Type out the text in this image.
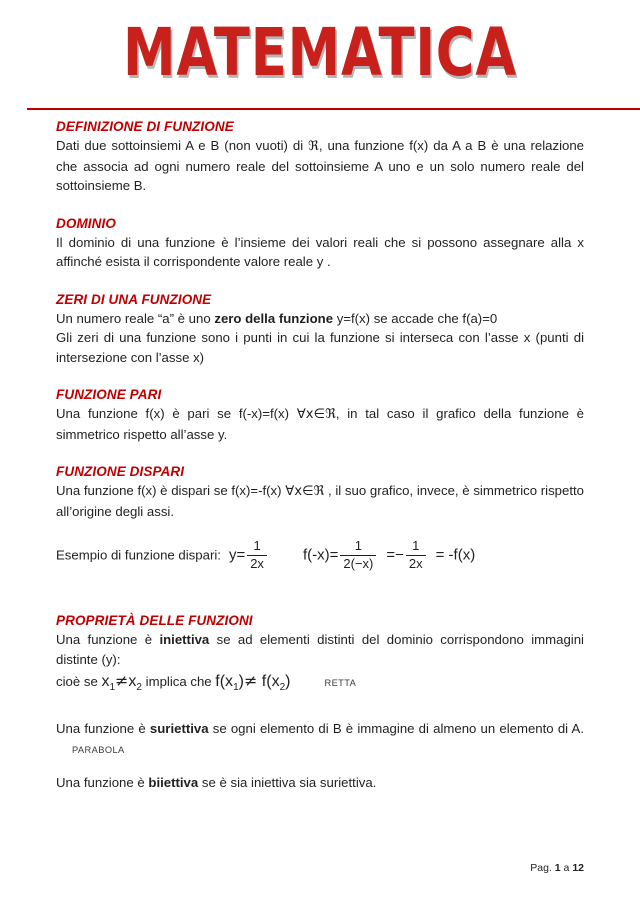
MATEMATICA
DEFINIZIONE DI FUNZIONE

Dati due sottoinsiemi A e B (non vuoti) di ℜ, una funzione f(x) da A a B è una relazione che associa ad ogni numero reale del sottoinsieme A uno e un solo numero reale del sottoinsieme B.

DOMINIO

Il dominio di una funzione è l’insieme dei valori reali che si possono assegnare alla x affinché esista il corrispondente valore reale y .

ZERI DI UNA FUNZIONE

Un numero reale “a” è uno zero della funzione y=f(x) se accade che f(a)=0

Gli zeri di una funzione sono i punti in cui la funzione si interseca con l’asse x (punti di intersezione con l’asse x)

FUNZIONE PARI

Una funzione f(x) è pari se f(-x)=f(x) ∀x∈ℜ, in tal caso il grafico della funzione è simmetrico rispetto all’asse y.

FUNZIONE DISPARI

Una funzione f(x) è dispari se f(x)=-f(x) ∀x∈ℜ , il suo grafico, invece, è simmetrico rispetto all’origine degli assi.

Esempio di funzione dispari: $y= \frac{1}{2x} f(-x)= \frac{1}{2(-x)} =- \frac{1}{2x} = -f(x)$
PROPRIETÀ DELLE FUNZIONI

Una funzione è iniettiva se ad elementi distinti del dominio corrispondono immagini distinte (y):

cioè se $x_1\ne x_2$ implica che $f(x_1)\ne f(x_2)$	RETTA

Una funzione è suriettiva se ogni elemento di B è immagine di almeno un elemento di A.PARABOLA

Una funzione è biiettiva se è sia iniettiva sia suriettiva.

Pag. 1 a 12
